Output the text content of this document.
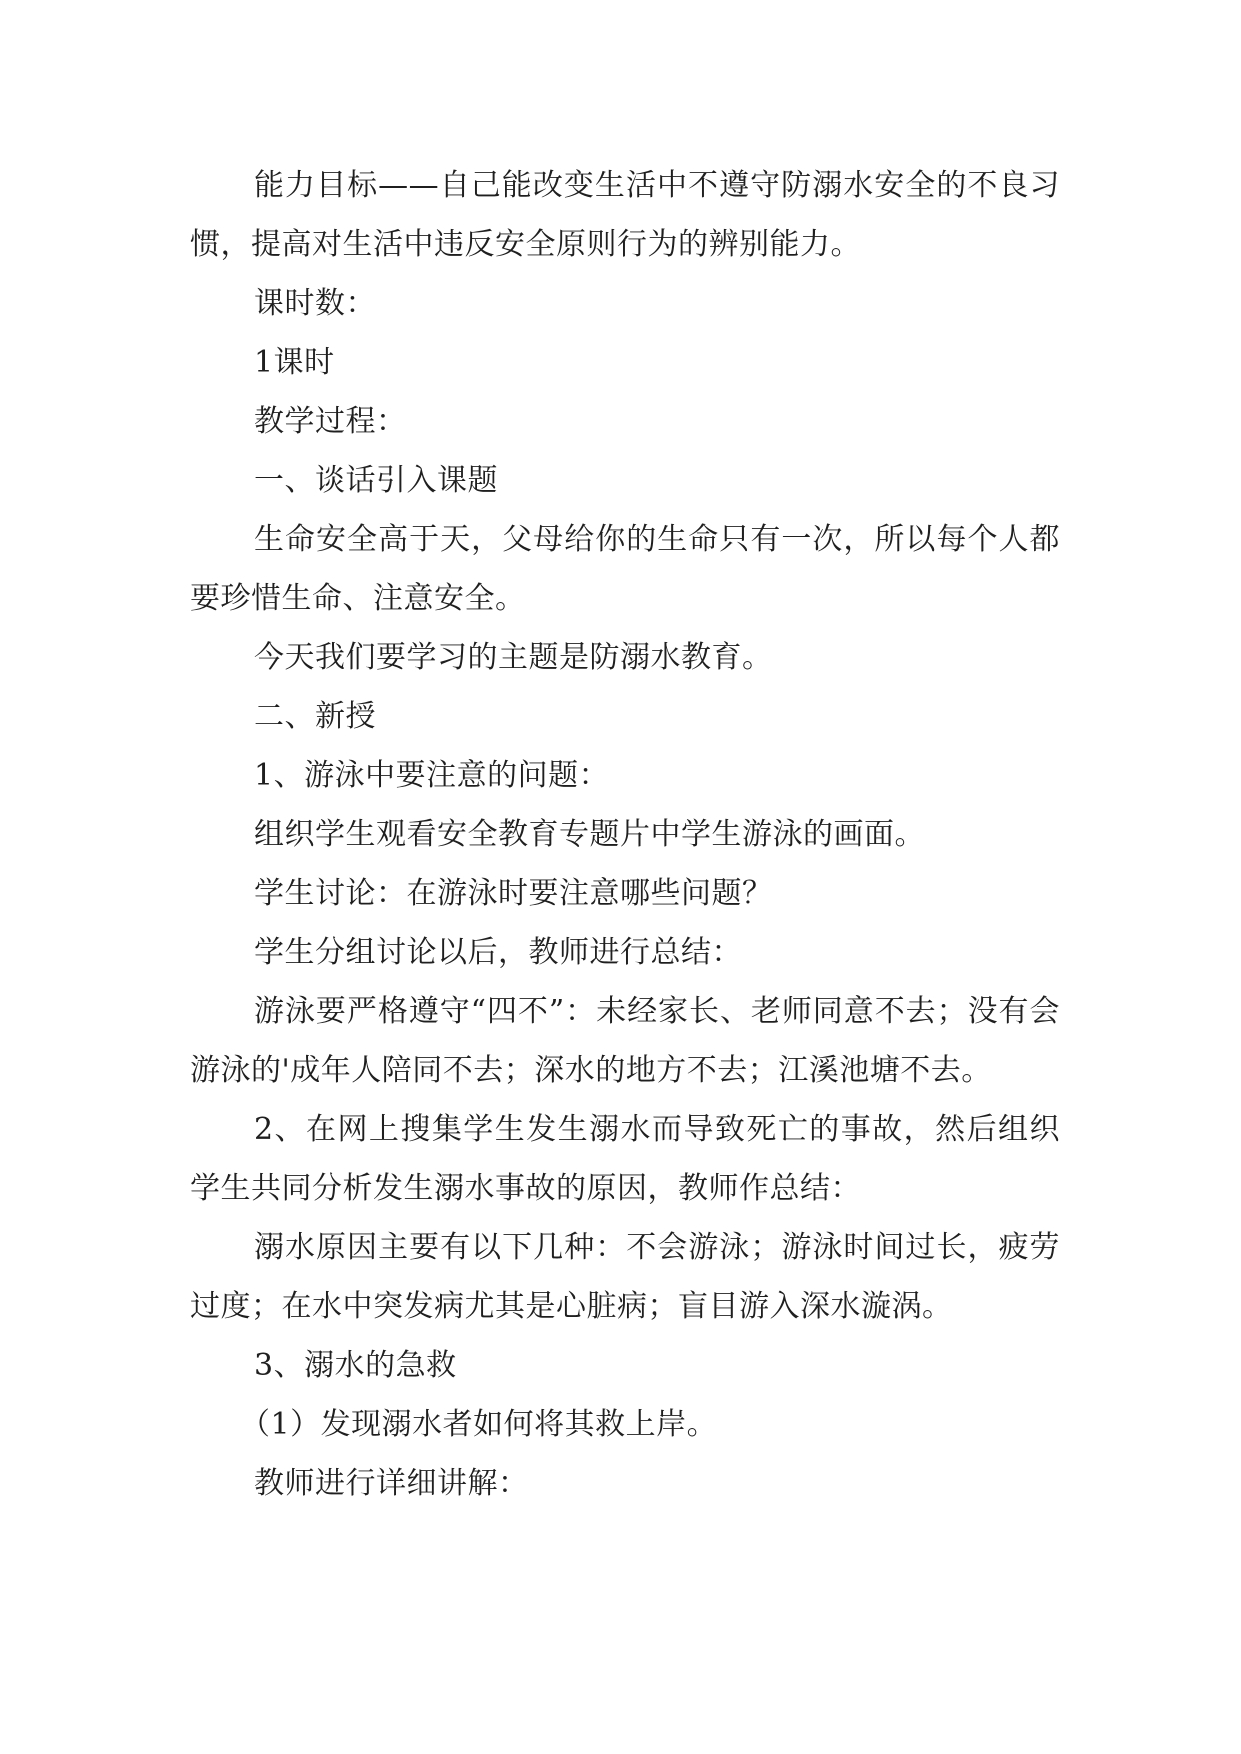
能力目标——自己能改变生活中不遵守防溺水安全的不良习惯，提高对生活中违反安全原则行为的辨别能力。

课时数：

1课时

教学过程：

一、谈话引入课题

生命安全高于天，父母给你的生命只有一次，所以每个人都要珍惜生命、注意安全。

今天我们要学习的主题是防溺水教育。

二、新授

1、游泳中要注意的问题：

组织学生观看安全教育专题片中学生游泳的画面。

学生讨论：在游泳时要注意哪些问题？

学生分组讨论以后，教师进行总结：

游泳要严格遵守“四不”：未经家长、老师同意不去；没有会游泳的'成年人陪同不去；深水的地方不去；江溪池塘不去。

2、在网上搜集学生发生溺水而导致死亡的事故，然后组织学生共同分析发生溺水事故的原因，教师作总结：

溺水原因主要有以下几种：不会游泳；游泳时间过长，疲劳过度；在水中突发病尤其是心脏病；盲目游入深水漩涡。

3、溺水的急救

（1）发现溺水者如何将其救上岸。

教师进行详细讲解：
